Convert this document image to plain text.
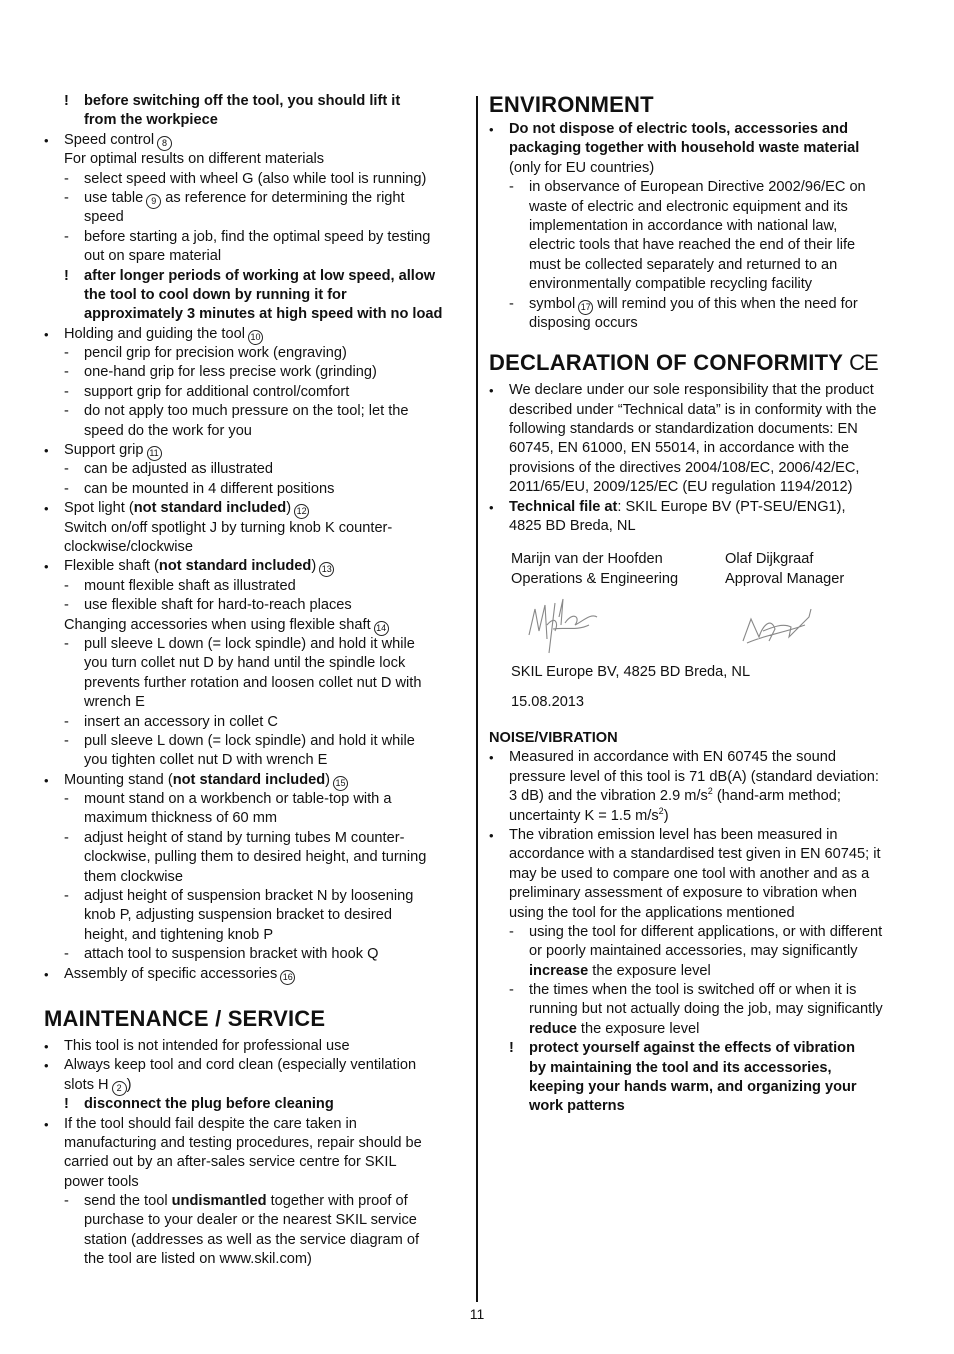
! before switching off the tool, you should lift it
from the workpiece
• Speed control 8
For optimal results on different materials
- select speed with wheel G (also while tool is running)
- use table 9 as reference for determining the right
speed
- before starting a job, find the optimal speed by testing
out on spare material
! after longer periods of working at low speed, allow
the tool to cool down by running it for
approximately 3 minutes at high speed with no load
• Holding and guiding the tool 10
- pencil grip for precision work (engraving)
- one-hand grip for less precise work (grinding)
- support grip for additional control/comfort
- do not apply too much pressure on the tool; let the
speed do the work for you
• Support grip 11
- can be adjusted as illustrated
- can be mounted in 4 different positions
• Spot light (not standard included) 12
Switch on/off spotlight J by turning knob K counter-
clockwise/clockwise
• Flexible shaft (not standard included) 13
- mount flexible shaft as illustrated
- use flexible shaft for hard-to-reach places
Changing accessories when using flexible shaft 14
- pull sleeve L down (= lock spindle) and hold it while
you turn collet nut D by hand until the spindle lock
prevents further rotation and loosen collet nut D with
wrench E
- insert an accessory in collet C
- pull sleeve L down (= lock spindle) and hold it while
you tighten collet nut D with wrench E
• Mounting stand (not standard included) 15
- mount stand on a workbench or table-top with a
maximum thickness of 60 mm
- adjust height of stand by turning tubes M counter-
clockwise, pulling them to desired height, and turning
them clockwise
- adjust height of suspension bracket N by loosening
knob P, adjusting suspension bracket to desired
height, and tightening knob P
- attach tool to suspension bracket with hook Q
• Assembly of specific accessories 16
MAINTENANCE / SERVICE
• This tool is not intended for professional use
• Always keep tool and cord clean (especially ventilation
slots H 2 )
! disconnect the plug before cleaning
• If the tool should fail despite the care taken in
manufacturing and testing procedures, repair should be
carried out by an after-sales service centre for SKIL
power tools
- send the tool undismantled together with proof of
purchase to your dealer or the nearest SKIL service
station (addresses as well as the service diagram of
the tool are listed on www.skil.com)
ENVIRONMENT
• Do not dispose of electric tools, accessories and
packaging together with household waste material
(only for EU countries)
- in observance of European Directive 2002/96/EC on
waste of electric and electronic equipment and its
implementation in accordance with national law,
electric tools that have reached the end of their life
must be collected separately and returned to an
environmentally compatible recycling facility
- symbol 17 will remind you of this when the need for
disposing occurs
DECLARATION OF CONFORMITY CE
• We declare under our sole responsibility that the product
described under “Technical data” is in conformity with the
following standards or standardization documents: EN
60745, EN 61000, EN 55014, in accordance with the
provisions of the directives 2004/108/EC, 2006/42/EC,
2011/65/EU, 2009/125/EC (EU regulation 1194/2012)
• Technical file at: SKIL Europe BV (PT-SEU/ENG1),
4825 BD Breda, NL
Marijn van der Hoofden	Olaf Dijkgraaf
Operations & Engineering	Approval Manager
SKIL Europe BV, 4825 BD Breda, NL
15.08.2013
NOISE/VIBRATION
• Measured in accordance with EN 60745 the sound
pressure level of this tool is 71 dB(A) (standard deviation:
3 dB) and the vibration 2.9 $m/s^2$ (hand-arm method;
uncertainty K = 1.5 $m/s^2$)
• The vibration emission level has been measured in
accordance with a standardised test given in EN 60745; it
may be used to compare one tool with another and as a
preliminary assessment of exposure to vibration when
using the tool for the applications mentioned
- using the tool for different applications, or with different
or poorly maintained accessories, may significantly
increase the exposure level
- the times when the tool is switched off or when it is
running but not actually doing the job, may significantly
reduce the exposure level
! protect yourself against the effects of vibration
by maintaining the tool and its accessories,
keeping your hands warm, and organizing your
work patterns
11
